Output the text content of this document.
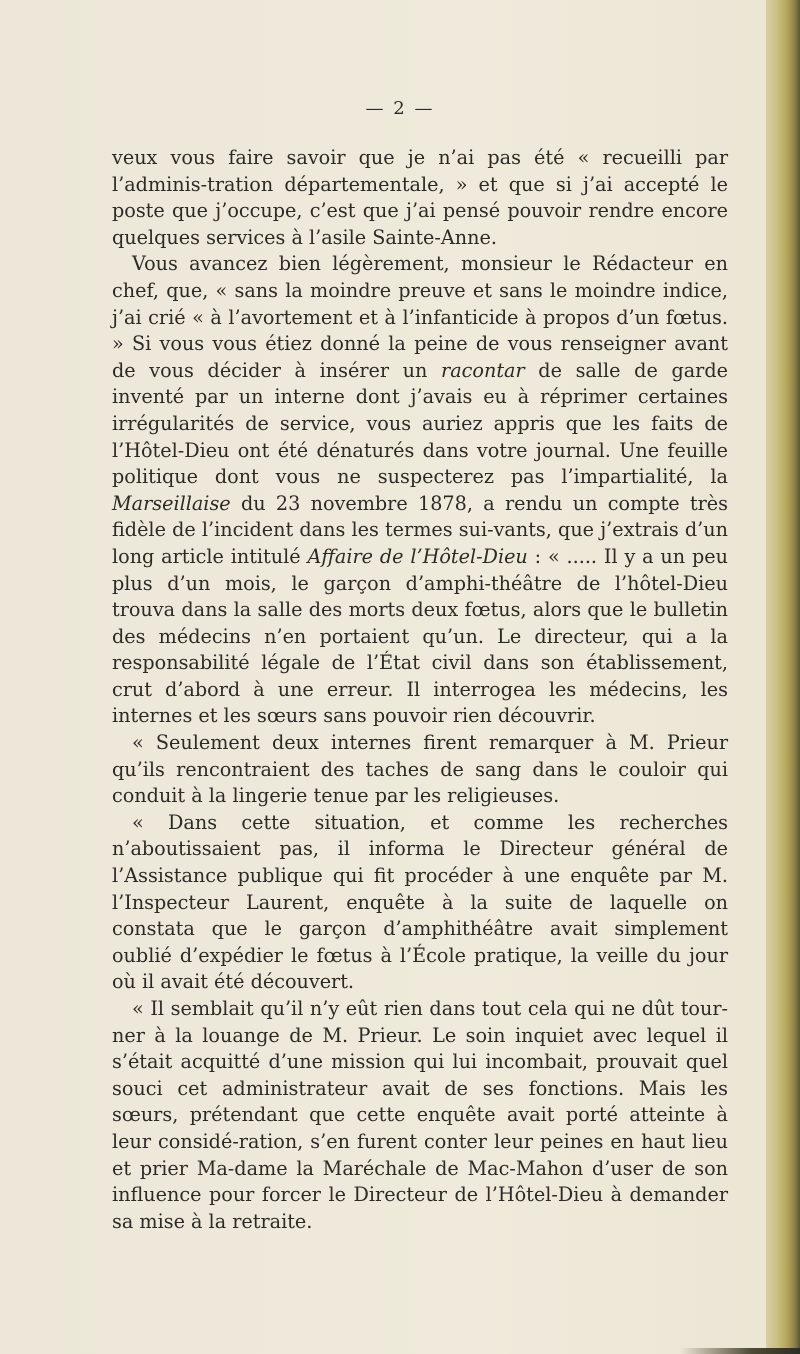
— 2 —

veux vous faire savoir que je n’ai pas été « recueilli par l’adminis-tration départementale, » et que si j’ai accepté le poste que j’occupe, c’est que j’ai pensé pouvoir rendre encore quelques services à l’asile Sainte-Anne.

Vous avancez bien légèrement, monsieur le Rédacteur en chef, que, « sans la moindre preuve et sans le moindre indice, j’ai crié « à l’avortement et à l’infanticide à propos d’un fœtus. » Si vous vous étiez donné la peine de vous renseigner avant de vous décider à insérer un racontar de salle de garde inventé par un interne dont j’avais eu à réprimer certaines irrégularités de service, vous auriez appris que les faits de l’Hôtel-Dieu ont été dénaturés dans votre journal. Une feuille politique dont vous ne suspecterez pas l’impartialité, la Marseillaise du 23 novembre 1878, a rendu un compte très fidèle de l’incident dans les termes sui-vants, que j’extrais d’un long article intitulé Affaire de l’Hôtel-Dieu : « ..... Il y a un peu plus d’un mois, le garçon d’amphi-théâtre de l’hôtel-Dieu trouva dans la salle des morts deux fœtus, alors que le bulletin des médecins n’en portaient qu’un. Le directeur, qui a la responsabilité légale de l’État civil dans son établissement, crut d’abord à une erreur. Il interrogea les médecins, les internes et les sœurs sans pouvoir rien découvrir.

« Seulement deux internes firent remarquer à M. Prieur qu’ils rencontraient des taches de sang dans le couloir qui conduit à la lingerie tenue par les religieuses.

« Dans cette situation, et comme les recherches n’aboutissaient pas, il informa le Directeur général de l’Assistance publique qui fit procéder à une enquête par M. l’Inspecteur Laurent, enquête à la suite de laquelle on constata que le garçon d’amphithéâtre avait simplement oublié d’expédier le fœtus à l’École pratique, la veille du jour où il avait été découvert.

« Il semblait qu’il n’y eût rien dans tout cela qui ne dût tour-ner à la louange de M. Prieur. Le soin inquiet avec lequel il s’était acquitté d’une mission qui lui incombait, prouvait quel souci cet administrateur avait de ses fonctions. Mais les sœurs, prétendant que cette enquête avait porté atteinte à leur considé-ration, s’en furent conter leur peines en haut lieu et prier Ma-dame la Maréchale de Mac-Mahon d’user de son influence pour forcer le Directeur de l’Hôtel-Dieu à demander sa mise à la retraite.
